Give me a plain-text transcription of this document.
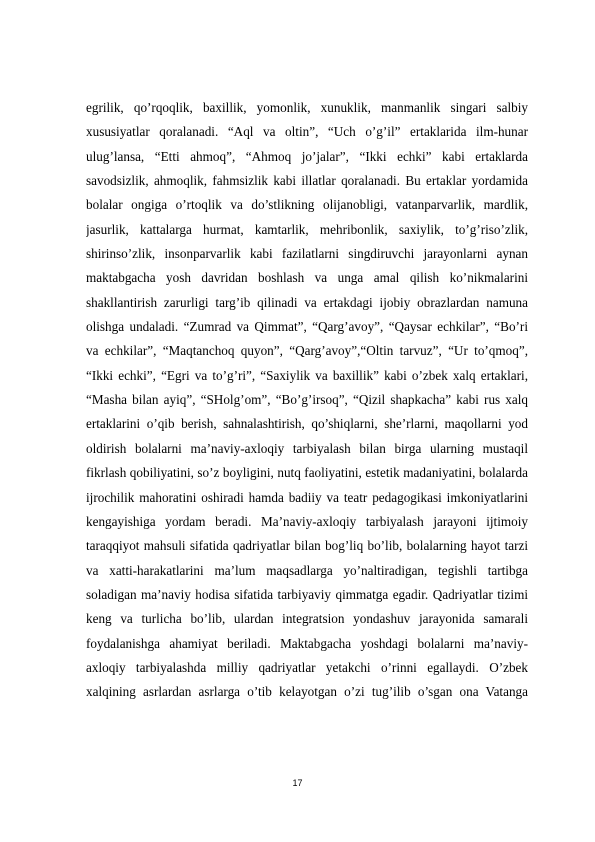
egrilik, qo’rqoqlik, baxillik, yomonlik, xunuklik, manmanlik singari salbiy
xususiyatlar qoralanadi. “Aql va oltin”, “Uch o’g’il” ertaklarida ilm-hunar
ulug’lansa, “Etti ahmoq”, “Ahmoq jo’jalar”, “Ikki echki” kabi ertaklarda
savodsizlik, ahmoqlik, fahmsizlik kabi illatlar qoralanadi. Bu ertaklar yordamida
bolalar ongiga o’rtoqlik va do’stlikning olijanobligi, vatanparvarlik, mardlik,
jasurlik, kattalarga hurmat, kamtarlik, mehribonlik, saxiylik, to’g’riso’zlik,
shirinso’zlik, insonparvarlik kabi fazilatlarni singdiruvchi jarayonlarni aynan
maktabgacha yosh davridan boshlash va unga amal qilish ko’nikmalarini
shakllantirish zarurligi targ’ib qilinadi va ertakdagi ijobiy obrazlardan namuna
olishga undaladi. “Zumrad va Qimmat”, “Qarg’avoy”, “Qaysar echkilar”, “Bo’ri
va echkilar”, “Maqtanchoq quyon”, “Qarg’avoy”,“Oltin tarvuz”, “Ur to’qmoq”,
“Ikki echki”, “Egri va to’g’ri”, “Saxiylik va baxillik” kabi o’zbek xalq ertaklari,
“Masha bilan ayiq”, “SHolg’om”, “Bo’g’irsoq”, “Qizil shapkacha” kabi rus xalq
ertaklarini o’qib berish, sahnalashtirish, qo’shiqlarni, she’rlarni, maqollarni yod
oldirish bolalarni ma’naviy-axloqiy tarbiyalash bilan birga ularning mustaqil
fikrlash qobiliyatini, so’z boyligini, nutq faoliyatini, estetik madaniyatini, bolalarda
ijrochilik mahoratini oshiradi hamda badiiy va teatr pedagogikasi imkoniyatlarini
kengayishiga yordam beradi. Ma’naviy-axloqiy tarbiyalash jarayoni ijtimoiy
taraqqiyot mahsuli sifatida qadriyatlar bilan bog’liq bo’lib, bolalarning hayot tarzi
va xatti-harakatlarini ma’lum maqsadlarga yo’naltiradigan, tegishli tartibga
soladigan ma’naviy hodisa sifatida tarbiyaviy qimmatga egadir. Qadriyatlar tizimi
keng va turlicha bo’lib, ulardan integratsion yondashuv jarayonida samarali
foydalanishga ahamiyat beriladi. Maktabgacha yoshdagi bolalarni ma’naviy-
axloqiy tarbiyalashda milliy qadriyatlar yetakchi o’rinni egallaydi. O’zbek
xalqining asrlardan asrlarga o’tib kelayotgan o’zi tug’ilib o’sgan ona Vatanga
17
